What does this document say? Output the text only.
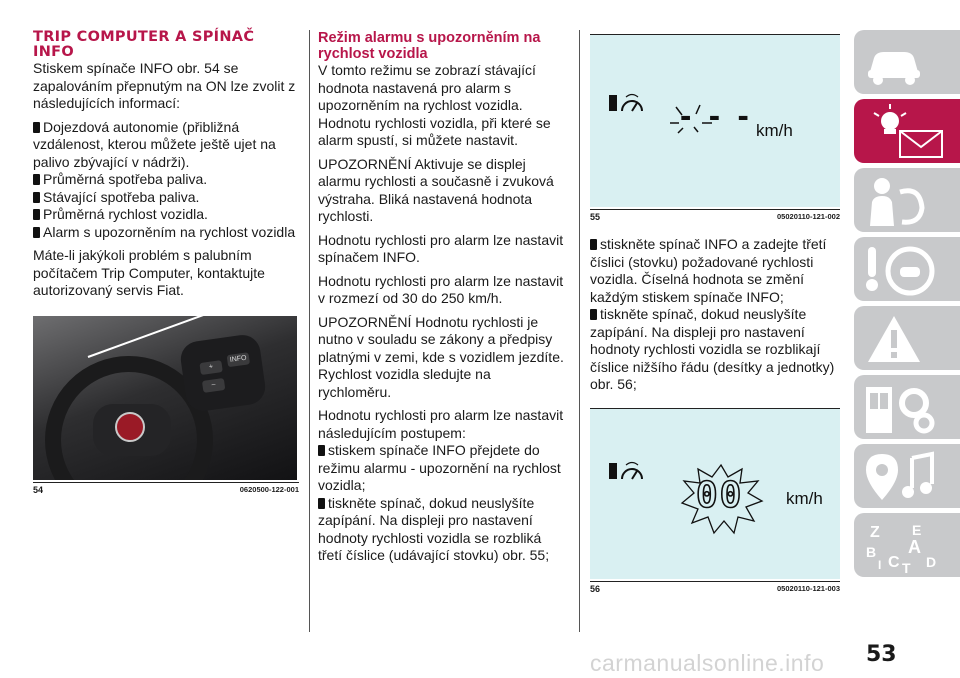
TRIP COMPUTER A SPÍNAČ INFO

Stiskem spínače INFO obr. 54 se zapalováním přepnutým na ON lze zvolit z následujících informací:

Dojezdová autonomie (přibližná vzdálenost, kterou můžete ještě ujet na palivo zbývající v nádrži).
Průměrná spotřeba paliva.
Stávající spotřeba paliva.
Průměrná rychlost vozidla.
Alarm s upozorněním na rychlost vozidla

Máte-li jakýkoli problém s palubním počítačem Trip Computer, kontaktujte autorizovaný servis Fiat.

INFO
+
–
54	0620500-122-001
Režim alarmu s upozorněním na rychlost vozidla

V tomto režimu se zobrazí stávající hodnota nastavená pro alarm s upozorněním na rychlost vozidla. Hodnotu rychlosti vozidla, při které se alarm spustí, si můžete nastavit.

UPOZORNĚNÍ Aktivuje se displej alarmu rychlosti a současně i zvuková výstraha. Bliká nastavená hodnota rychlosti.

Hodnotu rychlosti pro alarm lze nastavit spínačem INFO.

Hodnotu rychlosti pro alarm lze nastavit v rozmezí od 30 do 250 km/h.

UPOZORNĚNÍ Hodnotu rychlosti je nutno v souladu se zákony a předpisy platnými v zemi, kde s vozidlem jezdíte. Rychlost vozidla sledujte na rychloměru.

Hodnotu rychlosti pro alarm lze nastavit následujícím postupem:

stiskem spínače INFO přejdete do režimu alarmu - upozornění na rychlost vozidla;
tiskněte spínač, dokud neuslyšíte zapípání. Na displeji pro nastavení hodnoty rychlosti vozidla se rozbliká třetí číslice (udávající stovku) obr. 55;
- - - km/h
55	05020110-121-002
stiskněte spínač INFO a zadejte třetí číslici (stovku) požadované rychlosti vozidla. Číselná hodnota se změní každým stiskem spínače INFO;
tiskněte spínač, dokud neuslyšíte zapípání. Na displeji pro nastavení hodnoty rychlosti vozidla se rozblikají číslice nižšího řádu (desítky a jednotky) obr. 56;
00	km/h
56	05020110-121-003
Z E
A
B
I C T D
53
carmanualsonline.info
